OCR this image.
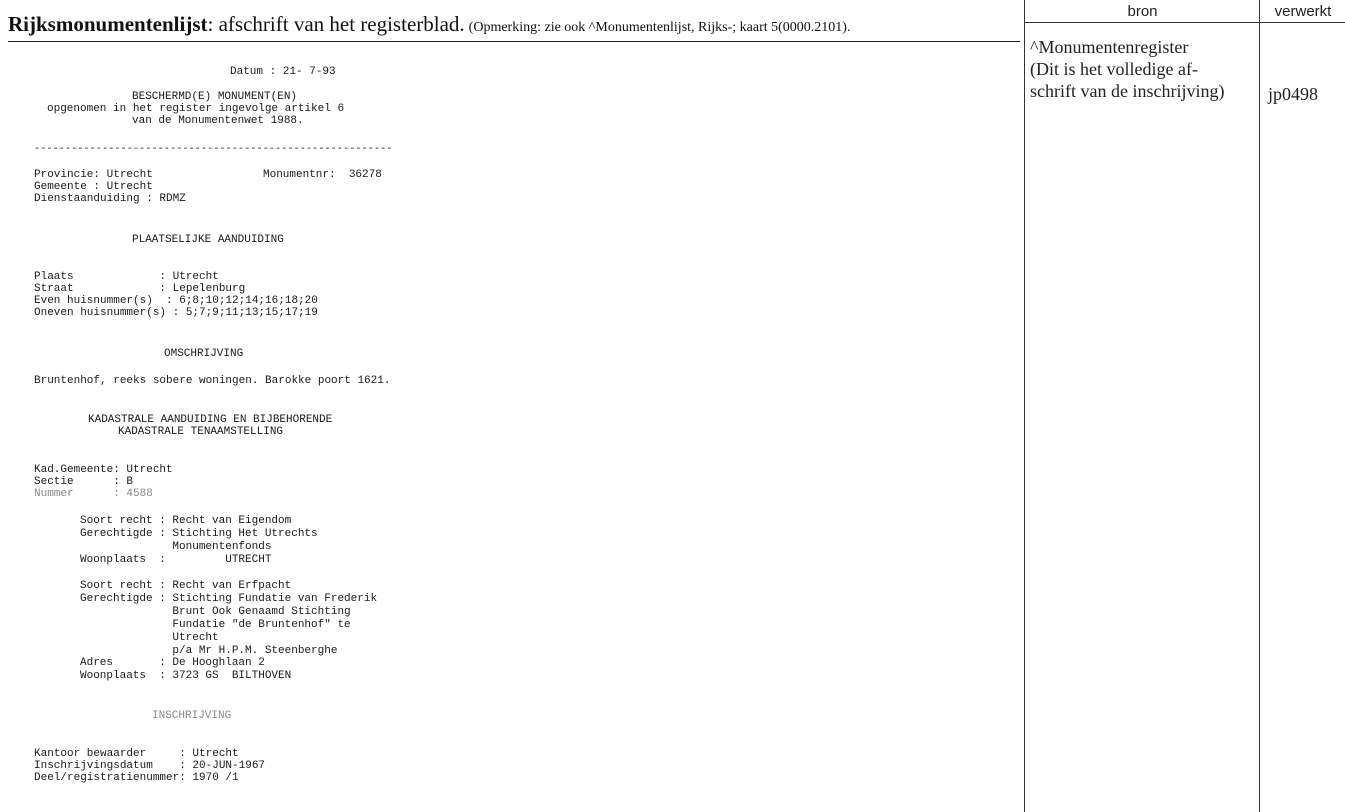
Rijksmonumentenlijst: afschrift van het registerblad. (Opmerking: zie ook ^Monumentenlijst, Rijks-; kaart 5(0000.2101).

Datum : 21- 7-93

BESCHERMD(E) MONUMENT(EN)

opgenomen in het register ingevolge artikel 6

van de Monumentenwet 1988.

----------------------------------------------------------

Provincie: Utrecht

	Monumentnr:  36278

Gemeente : Utrecht

Dienstaanduiding : RDMZ

PLAATSELIJKE AANDUIDING

Plaats             : Utrecht

Straat             : Lepelenburg

Even huisnummer(s)  : 6;8;10;12;14;16;18;20

Oneven huisnummer(s) : 5;7;9;11;13;15;17;19

OMSCHRIJVING

Bruntenhof, reeks sobere woningen. Barokke poort 1621.

KADASTRALE AANDUIDING EN BIJBEHORENDE

KADASTRALE TENAAMSTELLING

Kad.Gemeente: Utrecht

Sectie      : B

Nummer      : 4588

Soort recht : Recht van Eigendom

Gerechtigde : Stichting Het Utrechts

Monumentenfonds

Woonplaats  :         UTRECHT

Soort recht : Recht van Erfpacht

Gerechtigde : Stichting Fundatie van Frederik

Brunt Ook Genaamd Stichting

Fundatie "de Bruntenhof" te

Utrecht

p/a Mr H.P.M. Steenberghe

Adres       : De Hooghlaan 2

Woonplaats  : 3723 GS  BILTHOVEN

INSCHRIJVING

Kantoor bewaarder     : Utrecht

Inschrijvingsdatum    : 20-JUN-1967

Deel/registratienummer: 1970 /1

bron	verwerkt
^Monumentenregister
(Dit is het volledige af-
schrift van de inschrijving)	jp0498
